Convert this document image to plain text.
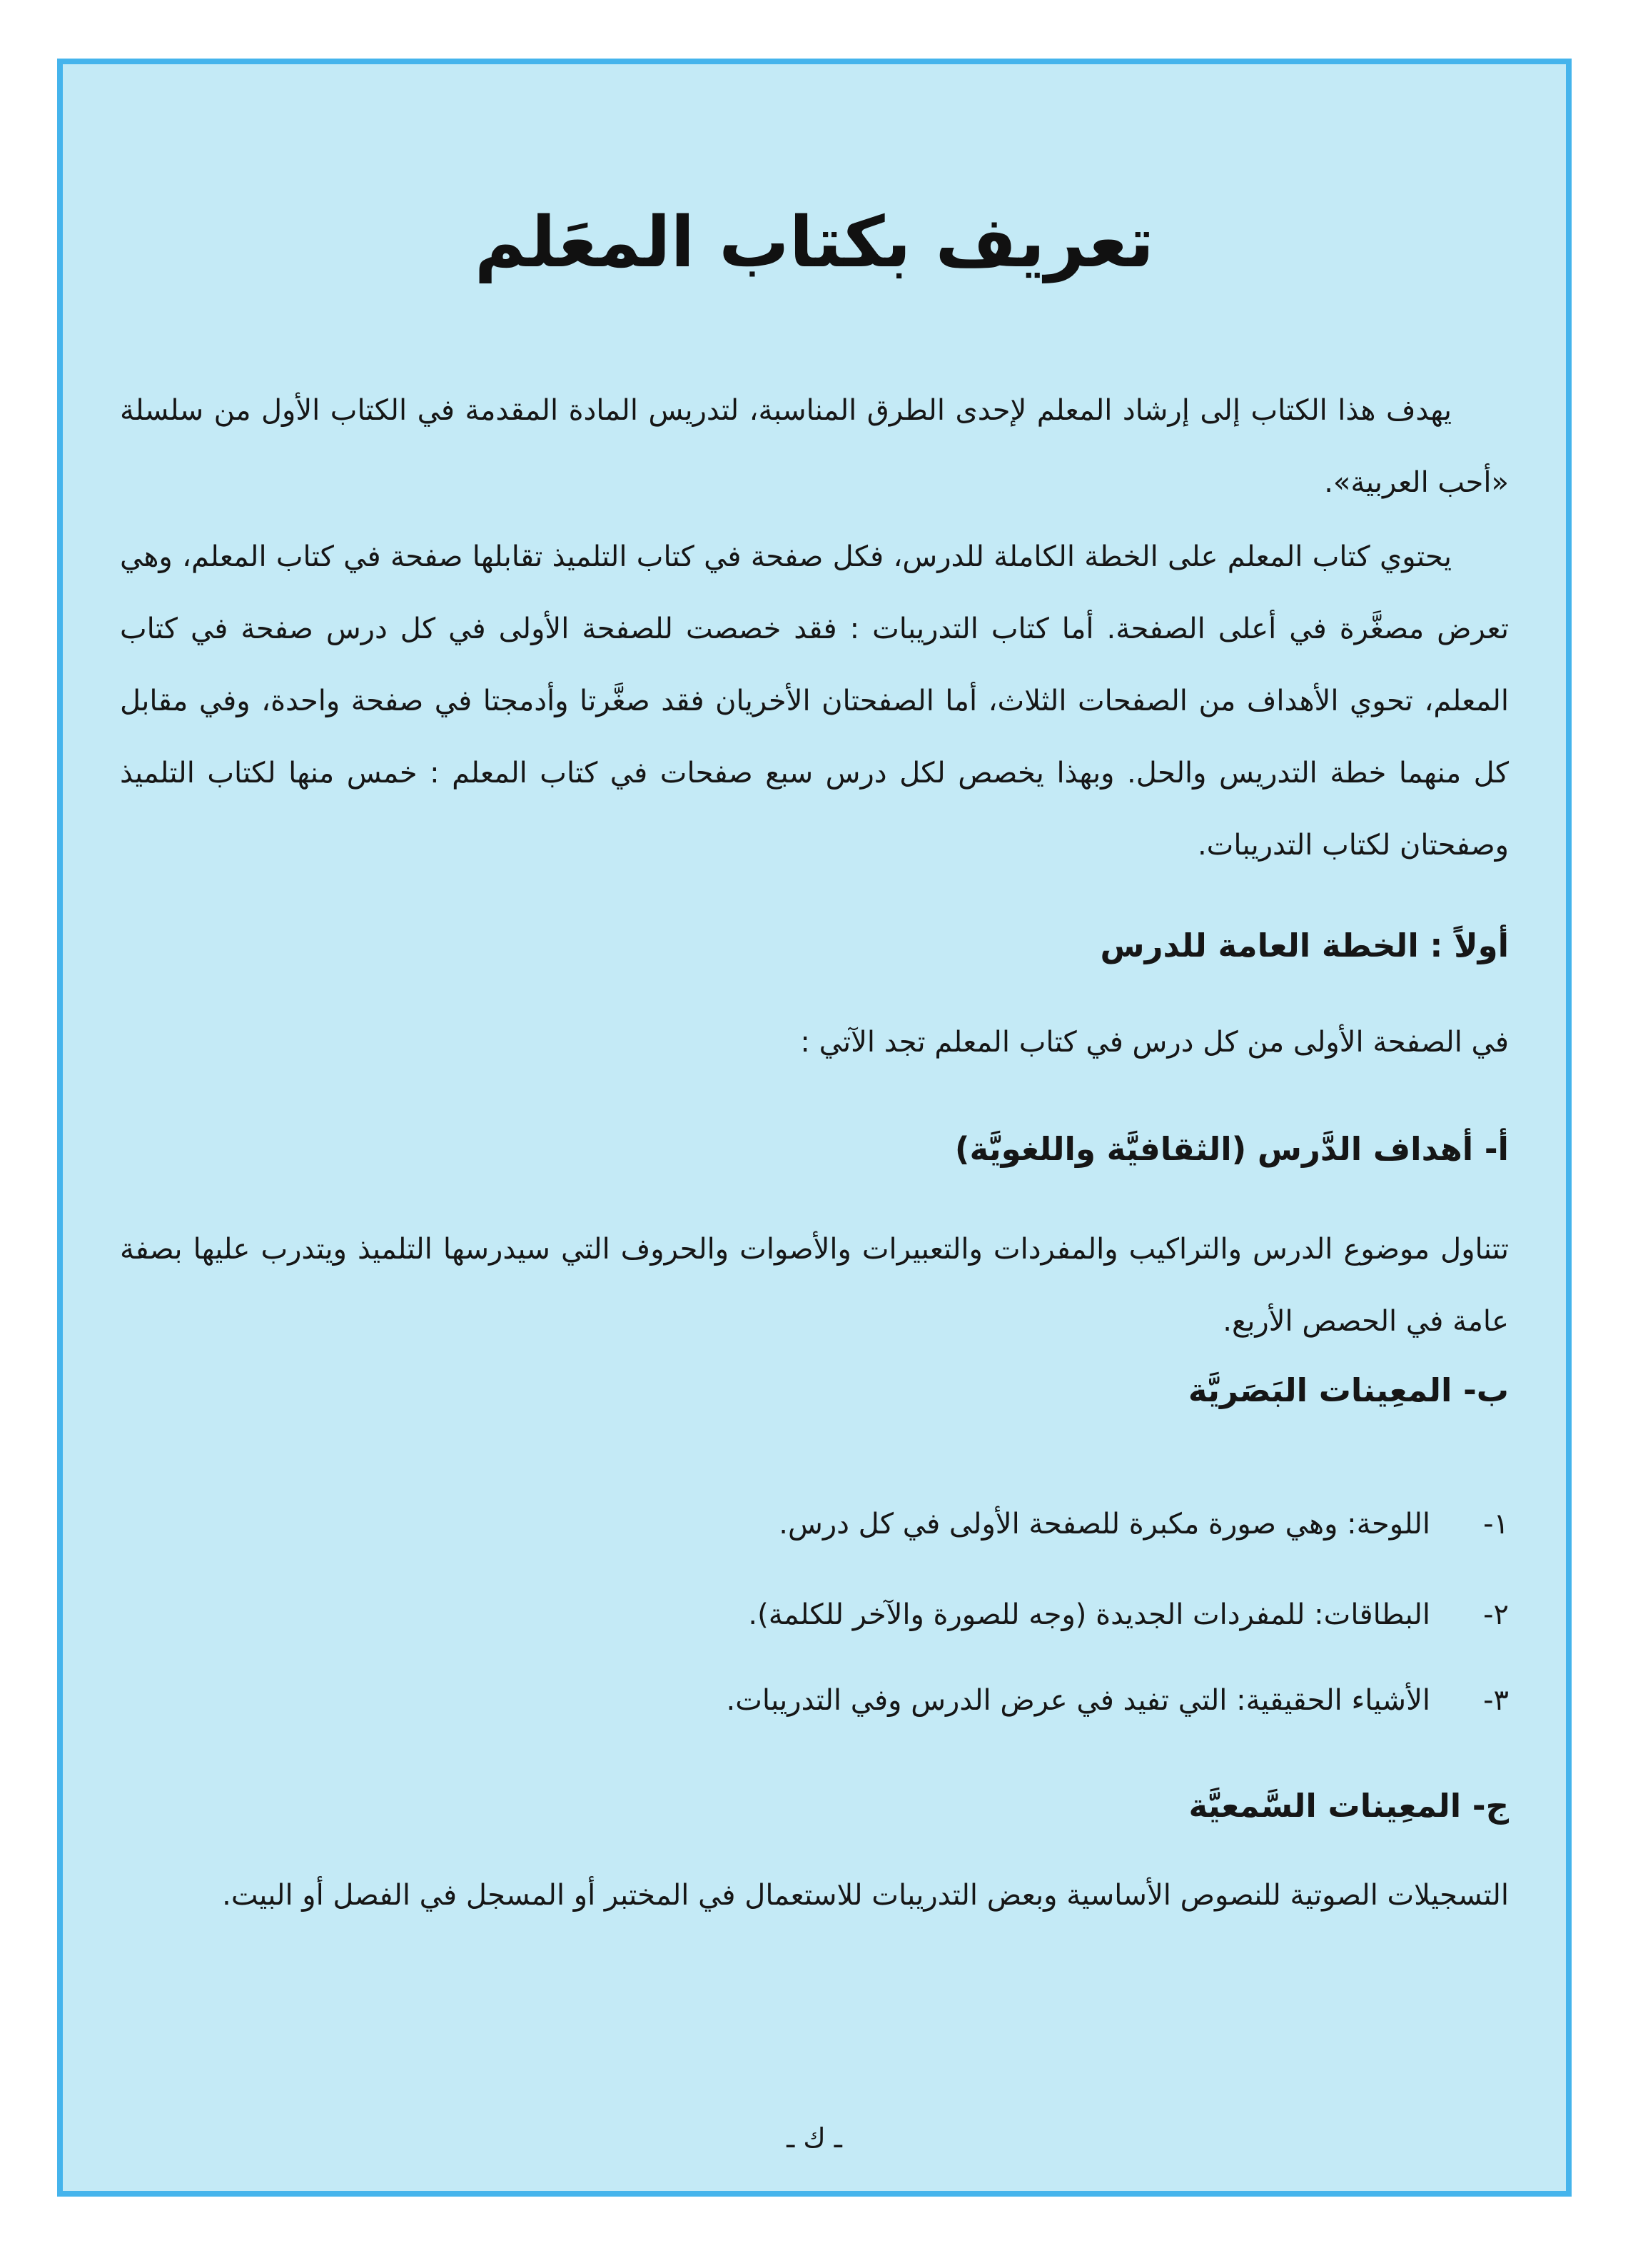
تعريف بكتاب المعَلم
يهدف هذا الكتاب إلى إرشاد المعلم لإحدى الطرق المناسبة، لتدريس المادة المقدمة في الكتاب الأول من سلسلة «أحب العربية».
يحتوي كتاب المعلم على الخطة الكاملة للدرس، فكل صفحة في كتاب التلميذ تقابلها صفحة في كتاب المعلم، وهي تعرض مصغَّرة في أعلى الصفحة. أما كتاب التدريبات : فقد خصصت للصفحة الأولى في كل درس صفحة في كتاب المعلم، تحوي الأهداف من الصفحات الثلاث، أما الصفحتان الأخريان فقد صغَّرتا وأدمجتا في صفحة واحدة، وفي مقابل كل منهما خطة التدريس والحل. وبهذا يخصص لكل درس سبع صفحات في كتاب المعلم : خمس منها لكتاب التلميذ وصفحتان لكتاب التدريبات.
أولاً : الخطة العامة للدرس
في الصفحة الأولى من كل درس في كتاب المعلم تجد الآتي :
أ- أهداف الدَّرس (الثقافيَّة واللغويَّة)
تتناول موضوع الدرس والتراكيب والمفردات والتعبيرات والأصوات والحروف التي سيدرسها التلميذ ويتدرب عليها بصفة عامة في الحصص الأربع.
ب- المعِينات البَصَريَّة
١-اللوحة: وهي صورة مكبرة للصفحة الأولى في كل درس.
٢-البطاقات: للمفردات الجديدة (وجه للصورة والآخر للكلمة).
٣-الأشياء الحقيقية: التي تفيد في عرض الدرس وفي التدريبات.
ج- المعِينات السَّمعيَّة
التسجيلات الصوتية للنصوص الأساسية وبعض التدريبات للاستعمال في المختبر أو المسجل في الفصل أو البيت.
ـ ك ـ
